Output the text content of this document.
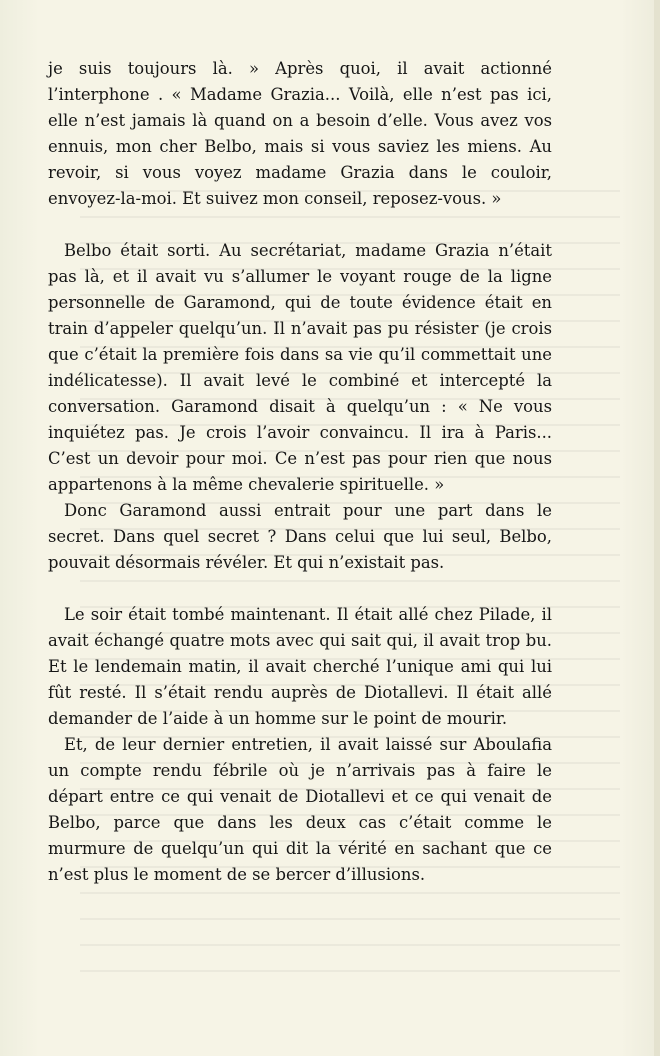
je suis toujours là. » Après quoi, il avait actionné l’interphone . « Madame Grazia... Voilà, elle n’est pas ici, elle n’est jamais là quand on a besoin d’elle. Vous avez vos ennuis, mon cher Belbo, mais si vous saviez les miens. Au revoir, si vous voyez madame Grazia dans le couloir, envoyez-la-moi. Et suivez mon conseil, reposez-vous. »

Belbo était sorti. Au secrétariat, madame Grazia n’était pas là, et il avait vu s’allumer le voyant rouge de la ligne personnelle de Garamond, qui de toute évidence était en train d’appeler quelqu’un. Il n’avait pas pu résister (je crois que c’était la première fois dans sa vie qu’il commettait une indélicatesse). Il avait levé le combiné et intercepté la conversation. Garamond disait à quelqu’un : « Ne vous inquiétez pas. Je crois l’avoir convaincu. Il ira à Paris... C’est un devoir pour moi. Ce n’est pas pour rien que nous appartenons à la même chevalerie spirituelle. »

Donc Garamond aussi entrait pour une part dans le secret. Dans quel secret ? Dans celui que lui seul, Belbo, pouvait désormais révéler. Et qui n’existait pas.

Le soir était tombé maintenant. Il était allé chez Pilade, il avait échangé quatre mots avec qui sait qui, il avait trop bu. Et le lendemain matin, il avait cherché l’unique ami qui lui fût resté. Il s’était rendu auprès de Diotallevi. Il était allé demander de l’aide à un homme sur le point de mourir.

Et, de leur dernier entretien, il avait laissé sur Aboulafia un compte rendu fébrile où je n’arrivais pas à faire le départ entre ce qui venait de Diotallevi et ce qui venait de Belbo, parce que dans les deux cas c’était comme le murmure de quelqu’un qui dit la vérité en sachant que ce n’est plus le moment de se bercer d’illusions.
